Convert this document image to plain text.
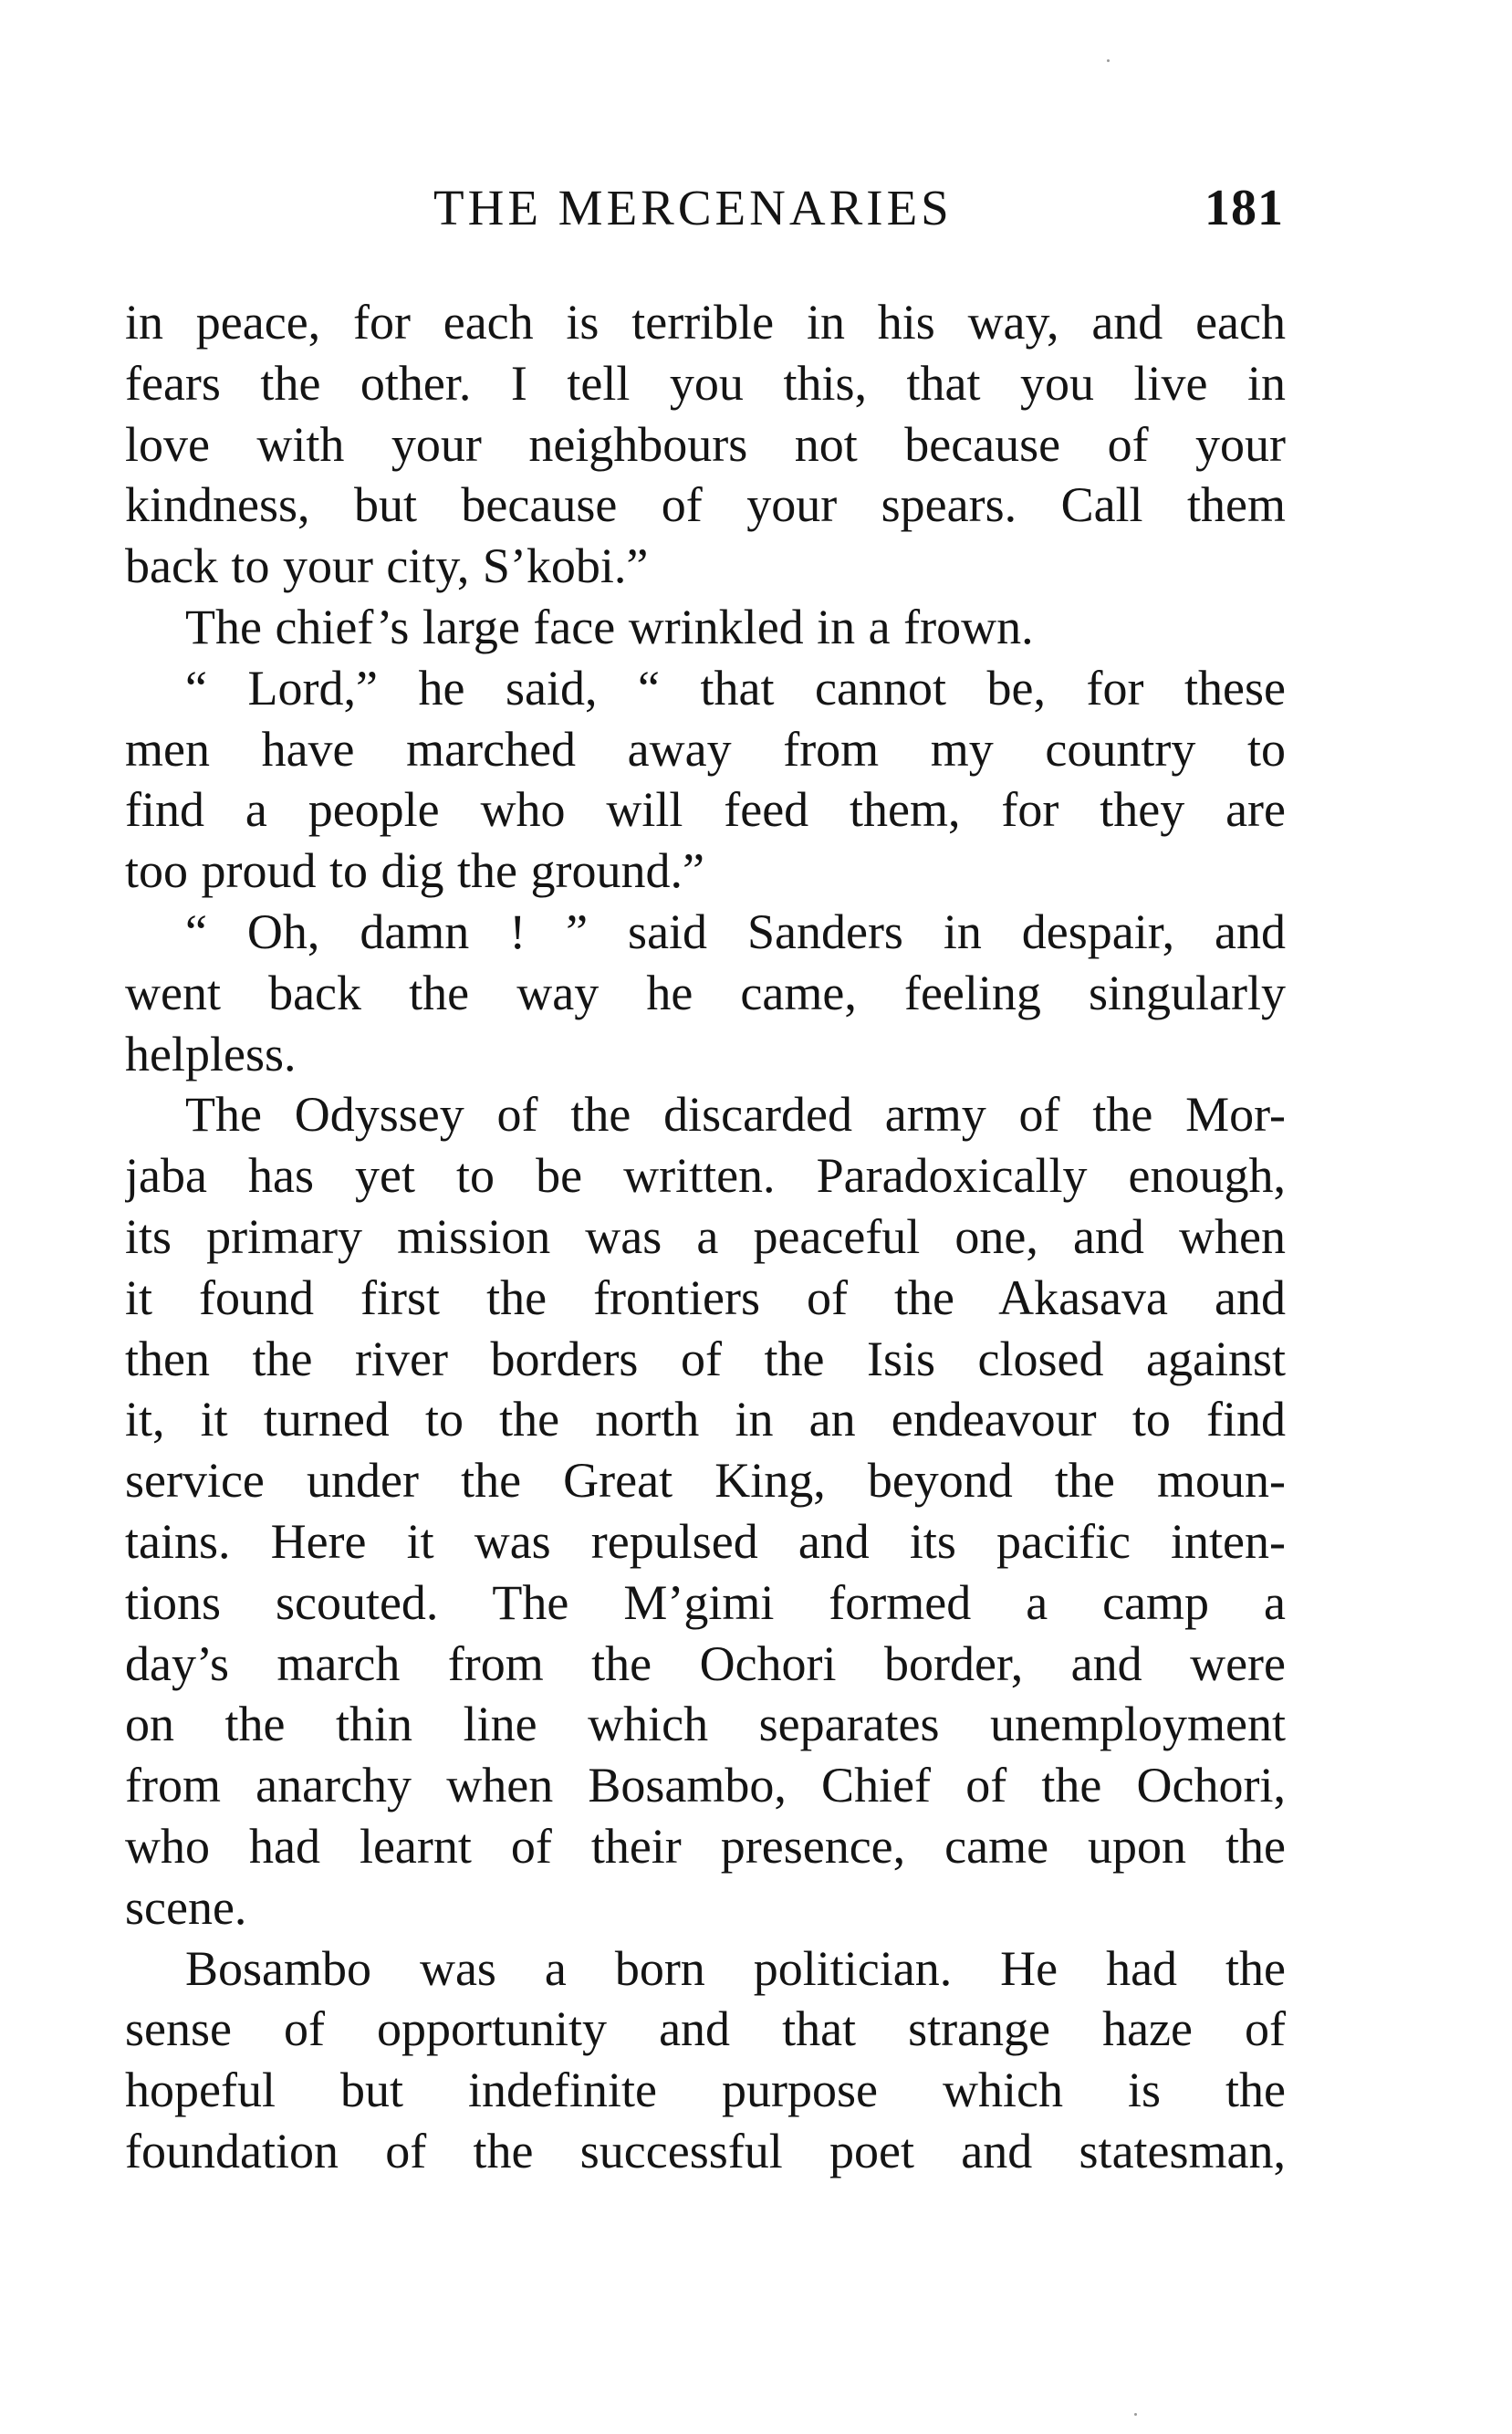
THE MERCENARIES	181
in peace, for each is terrible in his way, and each
fears the other. I tell you this, that you live in
love with your neighbours not because of your
kindness, but because of your spears. Call them
back to your city, S’kobi.”
The chief’s large face wrinkled in a frown.
“ Lord,” he said, “ that cannot be, for these
men have marched away from my country to
find a people who will feed them, for they are
too proud to dig the ground.”
“ Oh, damn ! ” said Sanders in despair, and
went back the way he came, feeling singularly
helpless.
The Odyssey of the discarded army of the Mor-
jaba has yet to be written. Paradoxically enough,
its primary mission was a peaceful one, and when
it found first the frontiers of the Akasava and
then the river borders of the Isis closed against
it, it turned to the north in an endeavour to find
service under the Great King, beyond the moun-
tains. Here it was repulsed and its pacific inten-
tions scouted. The M’gimi formed a camp a
day’s march from the Ochori border, and were
on the thin line which separates unemployment
from anarchy when Bosambo, Chief of the Ochori,
who had learnt of their presence, came upon the
scene.
Bosambo was a born politician. He had the
sense of opportunity and that strange haze of
hopeful but indefinite purpose which is the
foundation of the successful poet and statesman,
